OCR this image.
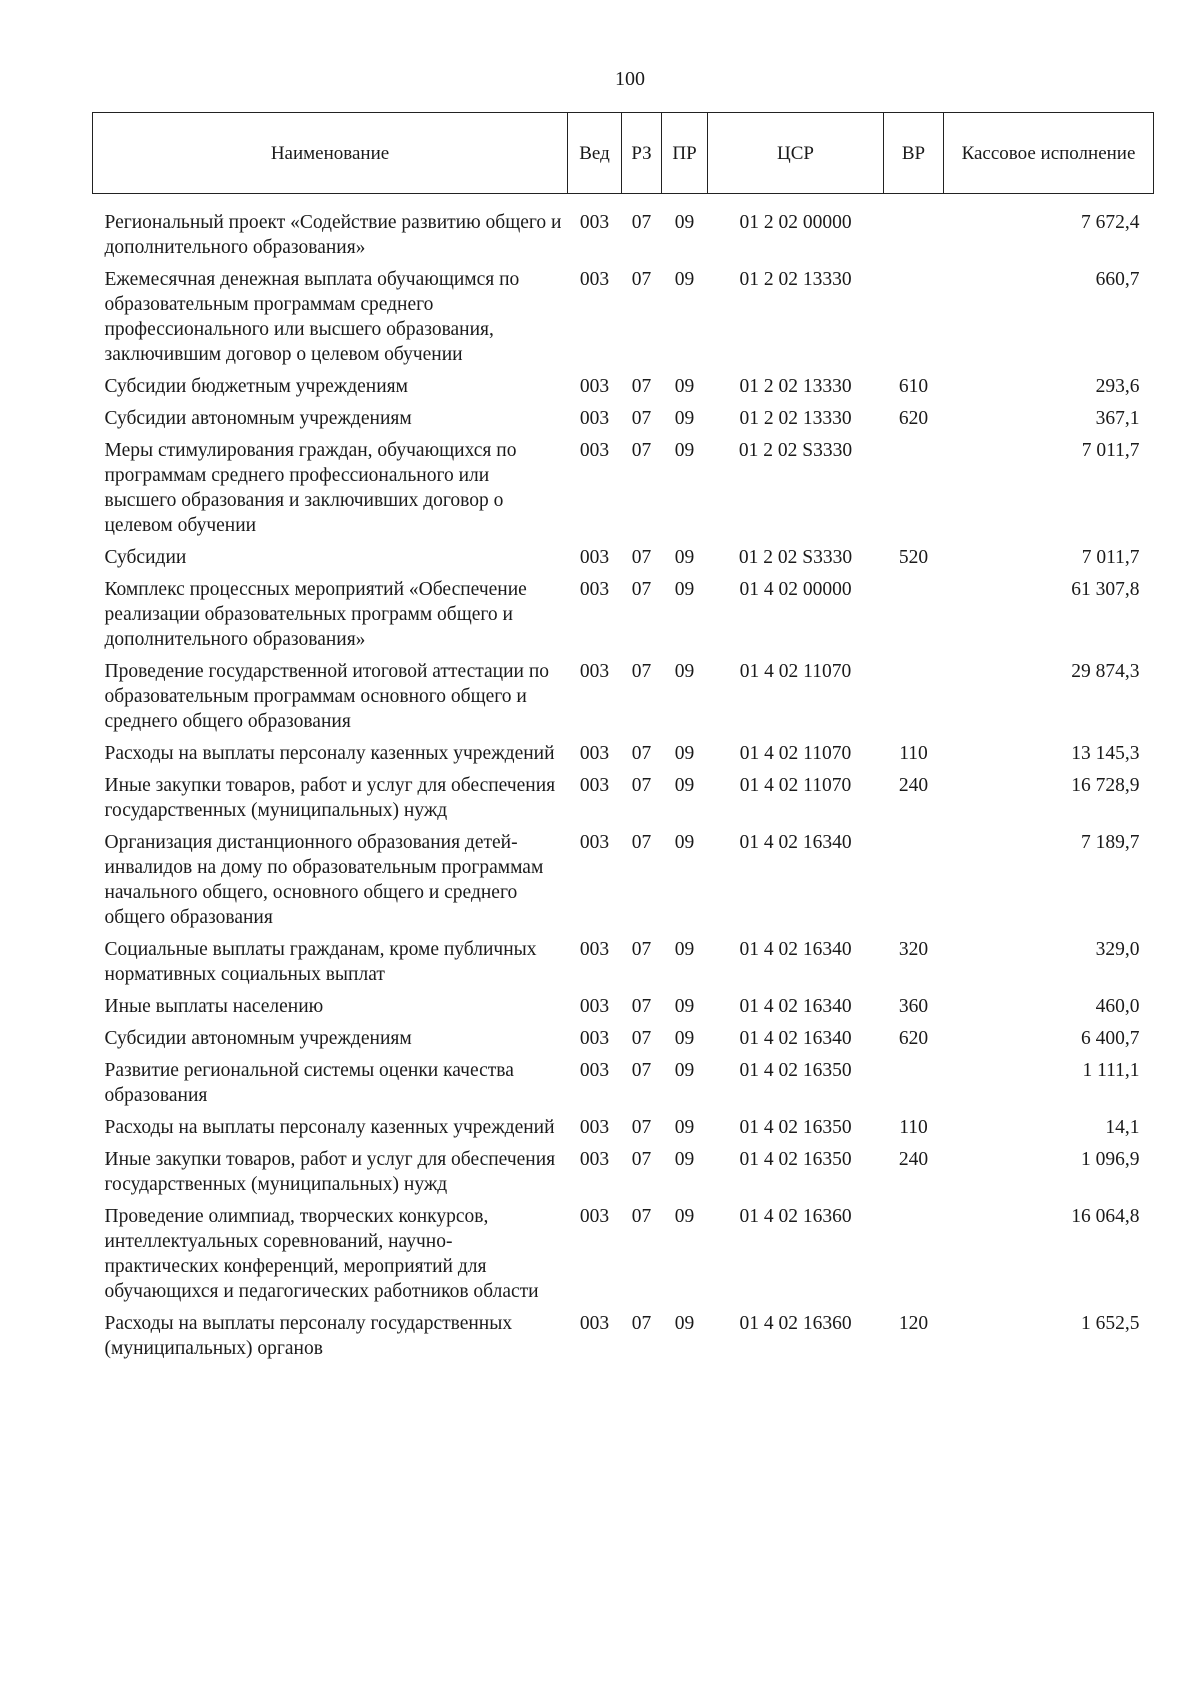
100
Наименование	Вед	РЗ	ПР	ЦСР	ВР	Кассовое исполнение
Региональный проект «Содействие развитию общего и дополнительного образования»	003	07	09	01 2 02 00000		7 672,4
Ежемесячная денежная выплата обучающимся по образовательным программам среднего профессионального или высшего образования, заключившим договор о целевом обучении	003	07	09	01 2 02 13330		660,7
Субсидии бюджетным учреждениям	003	07	09	01 2 02 13330	610	293,6
Субсидии автономным учреждениям	003	07	09	01 2 02 13330	620	367,1
Меры стимулирования граждан, обучающихся по программам среднего профессионального или высшего образования и заключивших договор о целевом обучении	003	07	09	01 2 02 S3330		7 011,7
Субсидии	003	07	09	01 2 02 S3330	520	7 011,7
Комплекс процессных мероприятий «Обеспечение реализации образовательных программ общего и дополнительного образования»	003	07	09	01 4 02 00000		61 307,8
Проведение государственной итоговой аттестации по образовательным программам основного общего и среднего общего образования	003	07	09	01 4 02 11070		29 874,3
Расходы на выплаты персоналу казенных учреждений	003	07	09	01 4 02 11070	110	13 145,3
Иные закупки товаров, работ и услуг для обеспечения государственных (муниципальных) нужд	003	07	09	01 4 02 11070	240	16 728,9
Организация дистанционного образования детей-инвалидов на дому по образовательным программам начального общего, основного общего и среднего общего образования	003	07	09	01 4 02 16340		7 189,7
Социальные выплаты гражданам, кроме публичных нормативных социальных выплат	003	07	09	01 4 02 16340	320	329,0
Иные выплаты населению	003	07	09	01 4 02 16340	360	460,0
Субсидии автономным учреждениям	003	07	09	01 4 02 16340	620	6 400,7
Развитие региональной системы оценки качества образования	003	07	09	01 4 02 16350		1 111,1
Расходы на выплаты персоналу казенных учреждений	003	07	09	01 4 02 16350	110	14,1
Иные закупки товаров, работ и услуг для обеспечения государственных (муниципальных) нужд	003	07	09	01 4 02 16350	240	1 096,9
Проведение олимпиад, творческих конкурсов, интеллектуальных соревнований, научно-практических конференций, мероприятий для обучающихся и педагогических работников области	003	07	09	01 4 02 16360		16 064,8
Расходы на выплаты персоналу государственных (муниципальных) органов	003	07	09	01 4 02 16360	120	1 652,5
